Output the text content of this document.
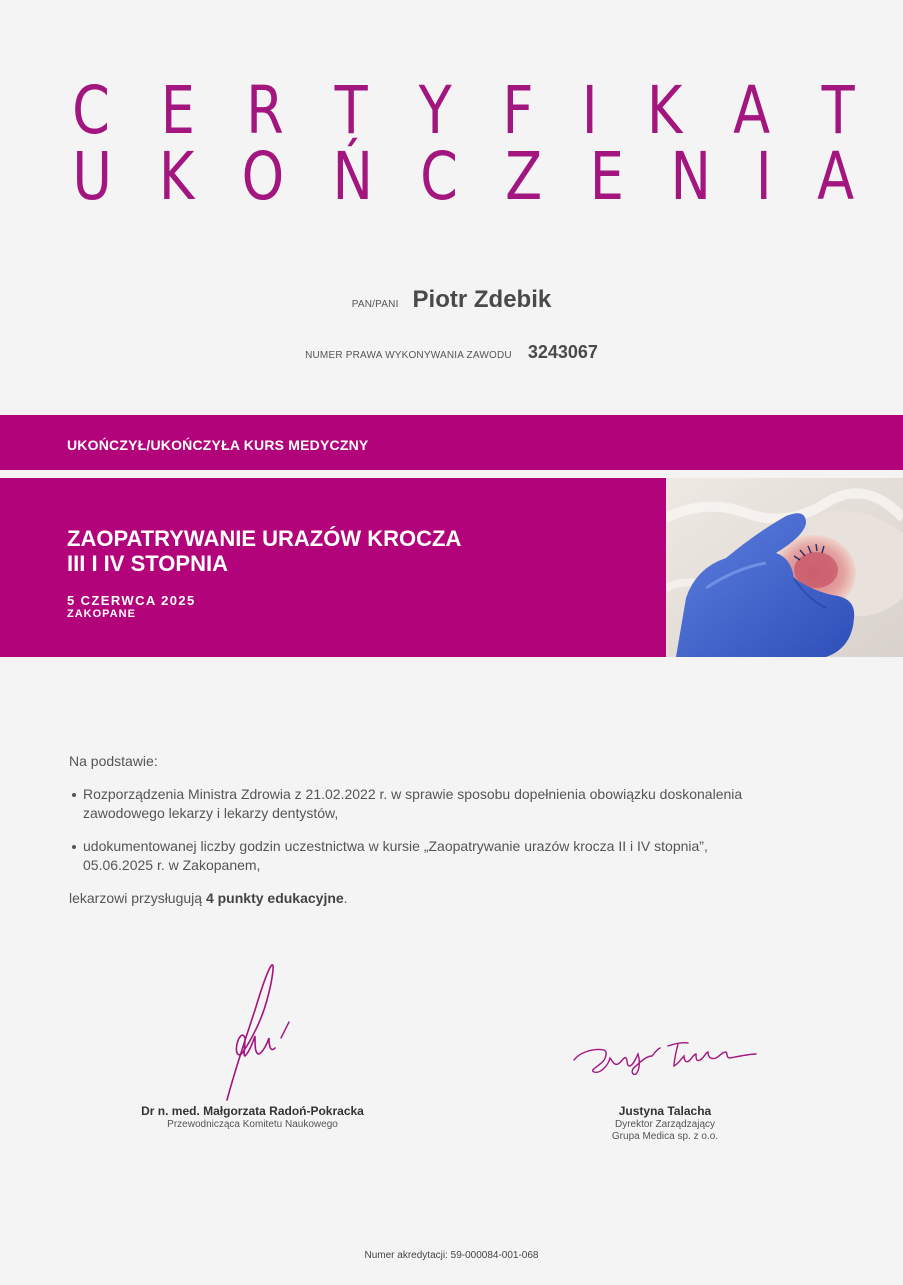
C E R T Y F I K A T
U K O Ń C Z E N I A
PAN/PANI Piotr Zdebik
NUMER PRAWA WYKONYWANIA ZAWODU 3243067
UKOŃCZYŁ/UKOŃCZYŁA KURS MEDYCZNY
ZAOPATRYWANIE URAZÓW KROCZA
III I IV STOPNIA
5 CZERWCA 2025
ZAKOPANE
Na podstawie:
Rozporządzenia Ministra Zdrowia z 21.02.2022 r. w sprawie sposobu dopełnienia obowiązku doskonalenia
zawodowego lekarzy i lekarzy dentystów,
udokumentowanej liczby godzin uczestnictwa w kursie „Zaopatrywanie urazów krocza II i IV stopnia”,
05.06.2025 r. w Zakopanem,
lekarzowi przysługują 4 punkty edukacyjne.
Dr n. med. Małgorzata Radoń-Pokracka
Przewodnicząca Komitetu Naukowego
Justyna Talacha
Dyrektor Zarządzający
Grupa Medica sp. z o.o.
Numer akredytacji: 59-000084-001-068
